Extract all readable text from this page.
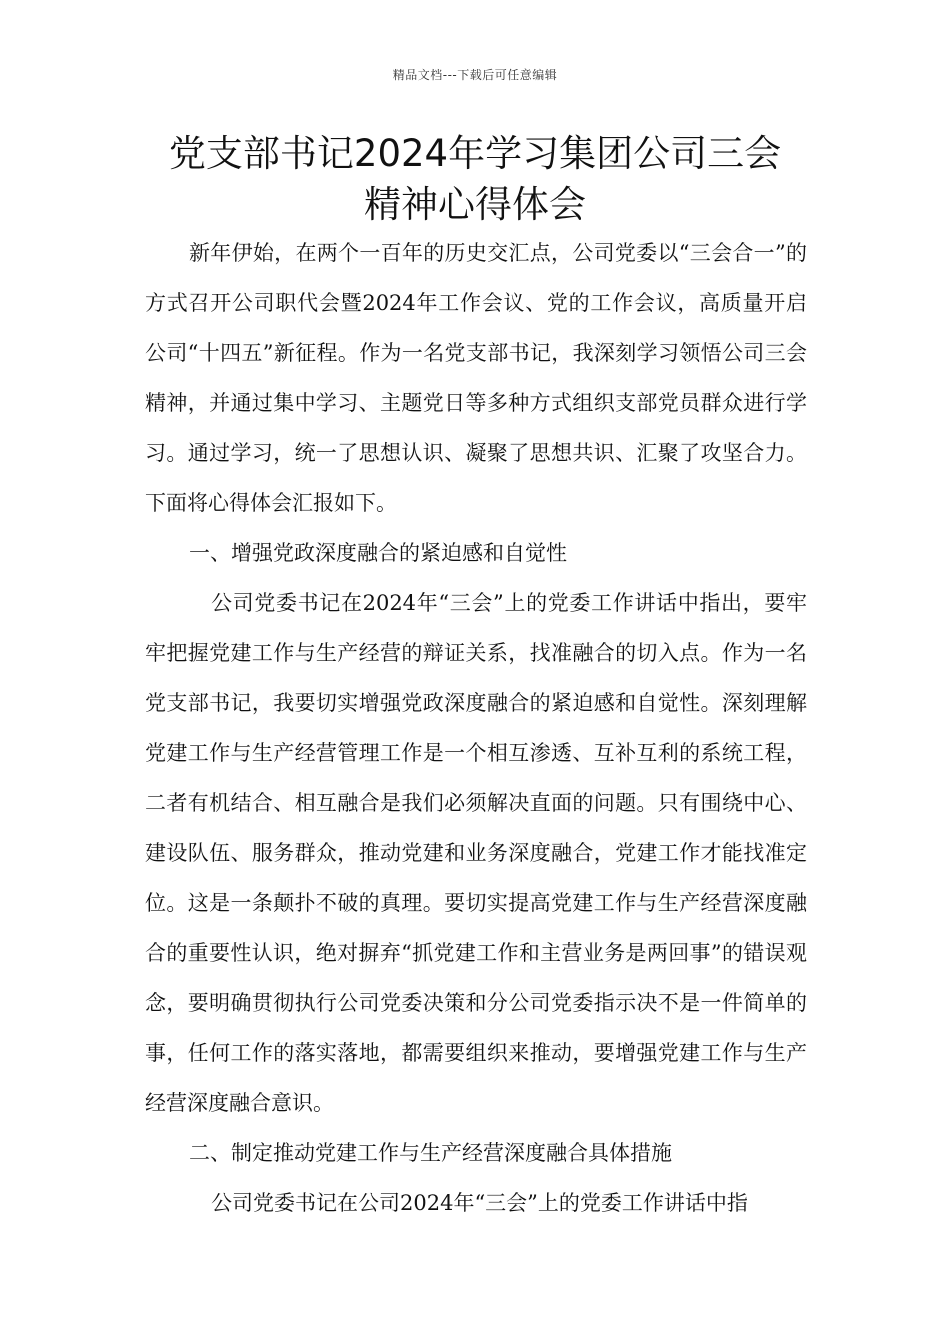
精品文档---下载后可任意编辑
党支部书记2024年学习集团公司三会
精神心得体会

新年伊始，在两个一百年的历史交汇点，公司党委以“三会合一”的方式召开公司职代会暨2024年工作会议、党的工作会议，高质量开启公司“十四五”新征程。作为一名党支部书记，我深刻学习领悟公司三会精神，并通过集中学习、主题党日等多种方式组织支部党员群众进行学习。通过学习，统一了思想认识、凝聚了思想共识、汇聚了攻坚合力。下面将心得体会汇报如下。

一、增强党政深度融合的紧迫感和自觉性

公司党委书记在2024年“三会”上的党委工作讲话中指出，要牢牢把握党建工作与生产经营的辩证关系，找准融合的切入点。作为一名党支部书记，我要切实增强党政深度融合的紧迫感和自觉性。深刻理解党建工作与生产经营管理工作是一个相互渗透、互补互利的系统工程，二者有机结合、相互融合是我们必须解决直面的问题。只有围绕中心、建设队伍、服务群众，推动党建和业务深度融合，党建工作才能找准定位。这是一条颠扑不破的真理。要切实提高党建工作与生产经营深度融合的重要性认识，绝对摒弃“抓党建工作和主营业务是两回事”的错误观念，要明确贯彻执行公司党委决策和分公司党委指示决不是一件简单的事，任何工作的落实落地，都需要组织来推动，要增强党建工作与生产经营深度融合意识。

二、制定推动党建工作与生产经营深度融合具体措施

公司党委书记在公司2024年“三会”上的党委工作讲话中指
